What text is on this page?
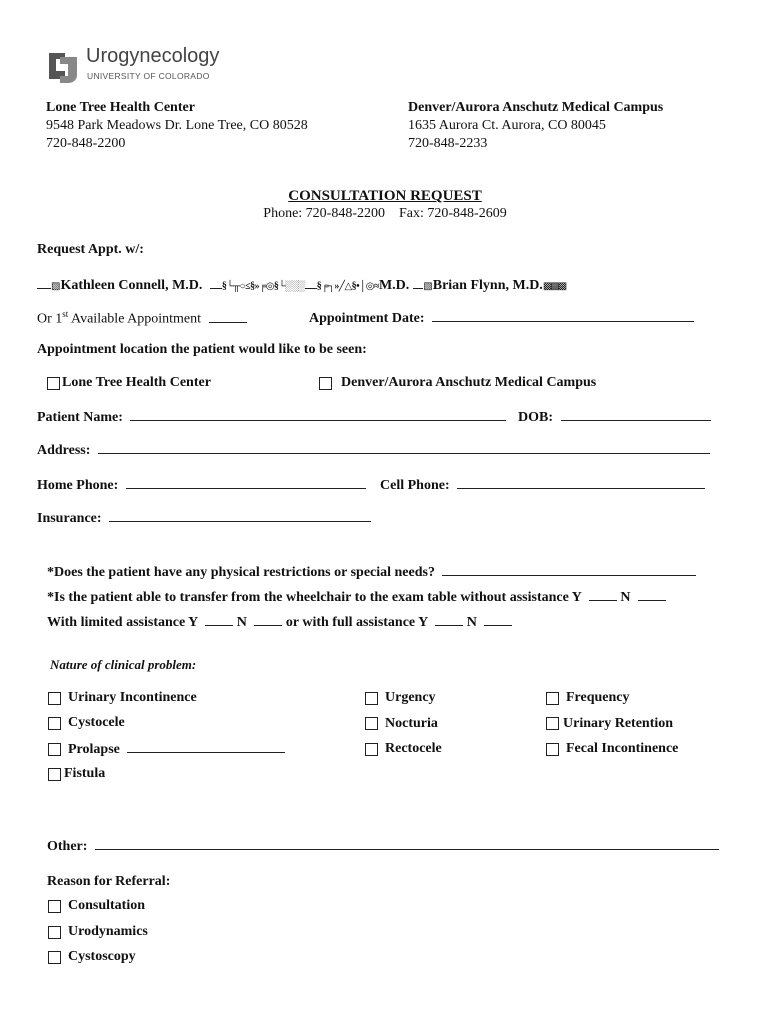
Urogynecology
UNIVERSITY OF COLORADO
Lone Tree Health Center
9548 Park Meadows Dr. Lone Tree, CO 80528
720-848-2200
Denver/Aurora Anschutz Medical Campus
1635 Aurora Ct. Aurora, CO 80045
720-848-2233
CONSULTATION REQUEST
Phone: 720-848-2200    Fax: 720-848-2609
Request Appt. w/:
▧Kathleen Connell, M.D. §└╥○≤§»╒◎§└░░░ §╒┐»╱△§•│◎≈M.D. ▧Brian Flynn, M.D.▩▩▩
Or 1st Available Appointment	Appointment Date:
Appointment location the patient would like to be seen:
Lone Tree Health Center	Denver/Aurora Anschutz Medical Campus
Patient Name:	DOB:
Address:
Home Phone:	Cell Phone:
Insurance:
*Does the patient have any physical restrictions or special needs?
*Is the patient able to transfer from the wheelchair to the exam table without assistance Y	N
With limited assistance Y	N	or with full assistance Y	N
Nature of clinical problem:
Urinary Incontinence	Urgency	Frequency
Cystocele	Nocturia	Urinary Retention
Prolapse	Rectocele	Fecal Incontinence
Fistula
Other:
Reason for Referral:
Consultation
Urodynamics
Cystoscopy
